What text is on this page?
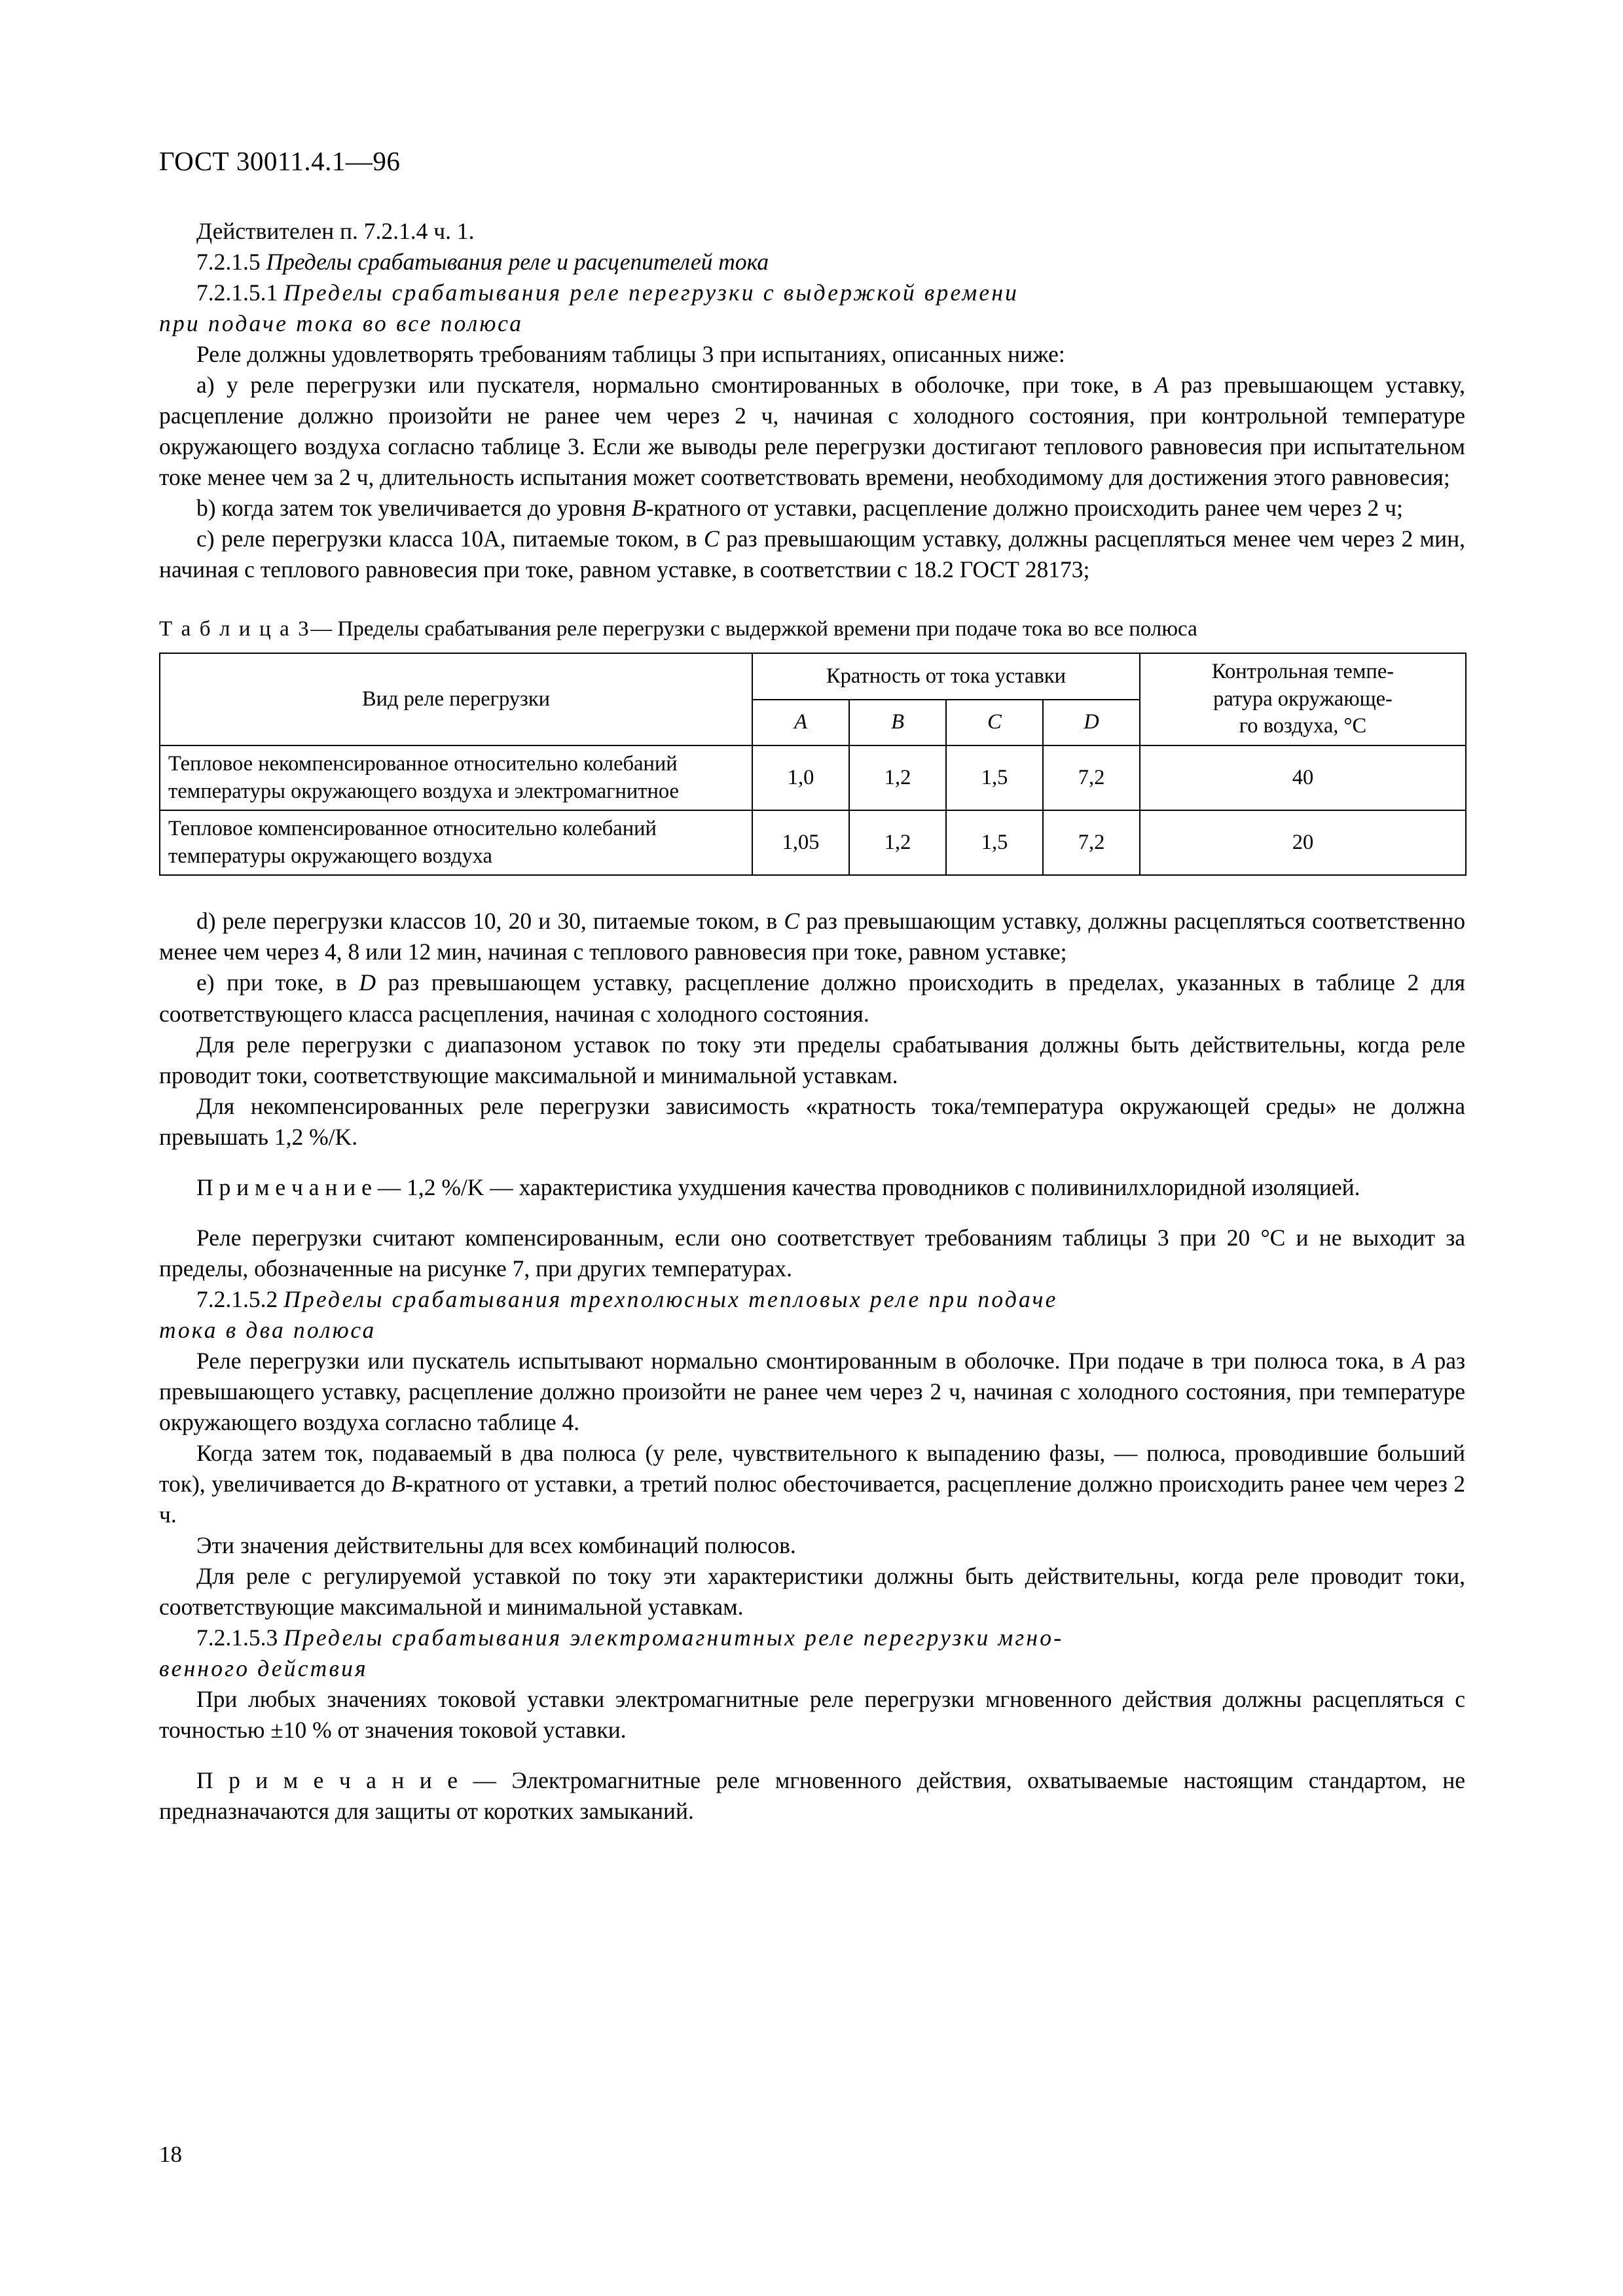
ГОСТ 30011.4.1—96

Действителен п. 7.2.1.4 ч. 1.

7.2.1.5 Пределы срабатывания реле и расцепителей тока

7.2.1.5.1 Пределы срабатывания реле перегрузки с выдержкой времени

при подаче тока во все полюса

Реле должны удовлетворять требованиям таблицы 3 при испытаниях, описанных ниже:

a) у реле перегрузки или пускателя, нормально смонтированных в оболочке, при токе, в A раз превышающем уставку, расцепление должно произойти не ранее чем через 2 ч, начиная с холодного состояния, при контрольной температуре окружающего воздуха согласно таблице 3. Если же выводы реле перегрузки достигают теплового равновесия при испытательном токе менее чем за 2 ч, длительность испытания может соответствовать времени, необходимому для достижения этого равновесия;

b) когда затем ток увеличивается до уровня B-кратного от уставки, расцепление должно происходить ранее чем через 2 ч;

c) реле перегрузки класса 10А, питаемые током, в C раз превышающим уставку, должны расцепляться менее чем через 2 мин, начиная с теплового равновесия при токе, равном уставке, в соответствии с 18.2 ГОСТ 28173;

Т а б л и ц а 3— Пределы срабатывания реле перегрузки с выдержкой времени при подаче тока во все полюса

Вид реле перегрузки	Кратность от тока уставки				Контрольная темпе-
ратура окружающе-
го воздуха, °C
	A	B	C	D	
Тепловое некомпенсированное относительно колебаний температуры окружающего воздуха и электромагнитное	1,0	1,2	1,5	7,2	40
Тепловое компенсированное относительно колебаний температуры окружающего воздуха	1,05	1,2	1,5	7,2	20

d) реле перегрузки классов 10, 20 и 30, питаемые током, в C раз превышающим уставку, должны расцепляться соответственно менее чем через 4, 8 или 12 мин, начиная с теплового равновесия при токе, равном уставке;

e) при токе, в D раз превышающем уставку, расцепление должно происходить в пределах, указанных в таблице 2 для соответствующего класса расцепления, начиная с холодного состояния.

Для реле перегрузки с диапазоном уставок по току эти пределы срабатывания должны быть действительны, когда реле проводит токи, соответствующие максимальной и минимальной уставкам.

Для некомпенсированных реле перегрузки зависимость «кратность тока/температура окружающей среды» не должна превышать 1,2 %/K.

П р и м е ч а н и е — 1,2 %/K — характеристика ухудшения качества проводников с поливинилхлоридной изоляцией.

Реле перегрузки считают компенсированным, если оно соответствует требованиям таблицы 3 при 20 °C и не выходит за пределы, обозначенные на рисунке 7, при других температурах.

7.2.1.5.2 Пределы срабатывания трехполюсных тепловых реле при подаче

тока в два полюса

Реле перегрузки или пускатель испытывают нормально смонтированным в оболочке. При подаче в три полюса тока, в A раз превышающего уставку, расцепление должно произойти не ранее чем через 2 ч, начиная с холодного состояния, при температуре окружающего воздуха согласно таблице 4.

Когда затем ток, подаваемый в два полюса (у реле, чувствительного к выпадению фазы, — полюса, проводившие больший ток), увеличивается до B-кратного от уставки, а третий полюс обесточивается, расцепление должно происходить ранее чем через 2 ч.

Эти значения действительны для всех комбинаций полюсов.

Для реле с регулируемой уставкой по току эти характеристики должны быть действительны, когда реле проводит токи, соответствующие максимальной и минимальной уставкам.

7.2.1.5.3 Пределы срабатывания электромагнитных реле перегрузки мгно-

венного действия

При любых значениях токовой уставки электромагнитные реле перегрузки мгновенного действия должны расцепляться с точностью ±10 % от значения токовой уставки.

П р и м е ч а н и е — Электромагнитные реле мгновенного действия, охватываемые настоящим стандартом, не предназначаются для защиты от коротких замыканий.

18
